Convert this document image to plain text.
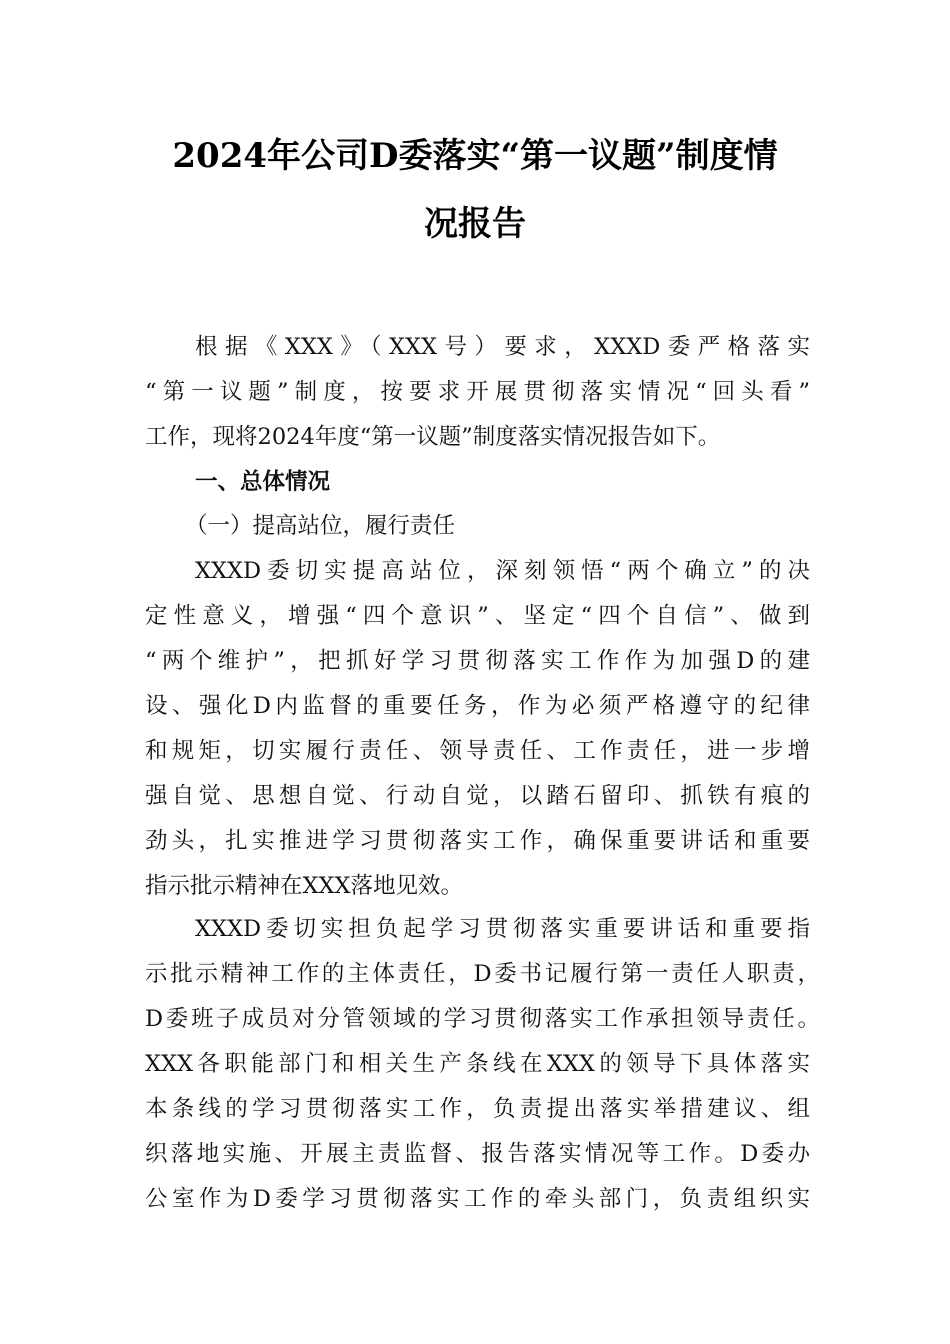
2024年公司D委落实“第一议题”制度情
况报告
根据《XXX》（XXX号）要求，XXXD委严格落实
“第一议题”制度，按要求开展贯彻落实情况“回头看”
工作，现将2024年度“第一议题”制度落实情况报告如下。
一、总体情况
（一）提高站位，履行责任
XXXD委切实提高站位，深刻领悟“两个确立”的决
定性意义，增强“四个意识”、坚定“四个自信”、做到
“两个维护”，把抓好学习贯彻落实工作作为加强D的建
设、强化D内监督的重要任务，作为必须严格遵守的纪律
和规矩，切实履行责任、领导责任、工作责任，进一步增
强自觉、思想自觉、行动自觉，以踏石留印、抓铁有痕的
劲头，扎实推进学习贯彻落实工作，确保重要讲话和重要
指示批示精神在XXX落地见效。
XXXD委切实担负起学习贯彻落实重要讲话和重要指
示批示精神工作的主体责任，D委书记履行第一责任人职责，
D委班子成员对分管领域的学习贯彻落实工作承担领导责任。
XXX各职能部门和相关生产条线在XXX的领导下具体落实
本条线的学习贯彻落实工作，负责提出落实举措建议、组
织落地实施、开展主责监督、报告落实情况等工作。D委办
公室作为D委学习贯彻落实工作的牵头部门，负责组织实
